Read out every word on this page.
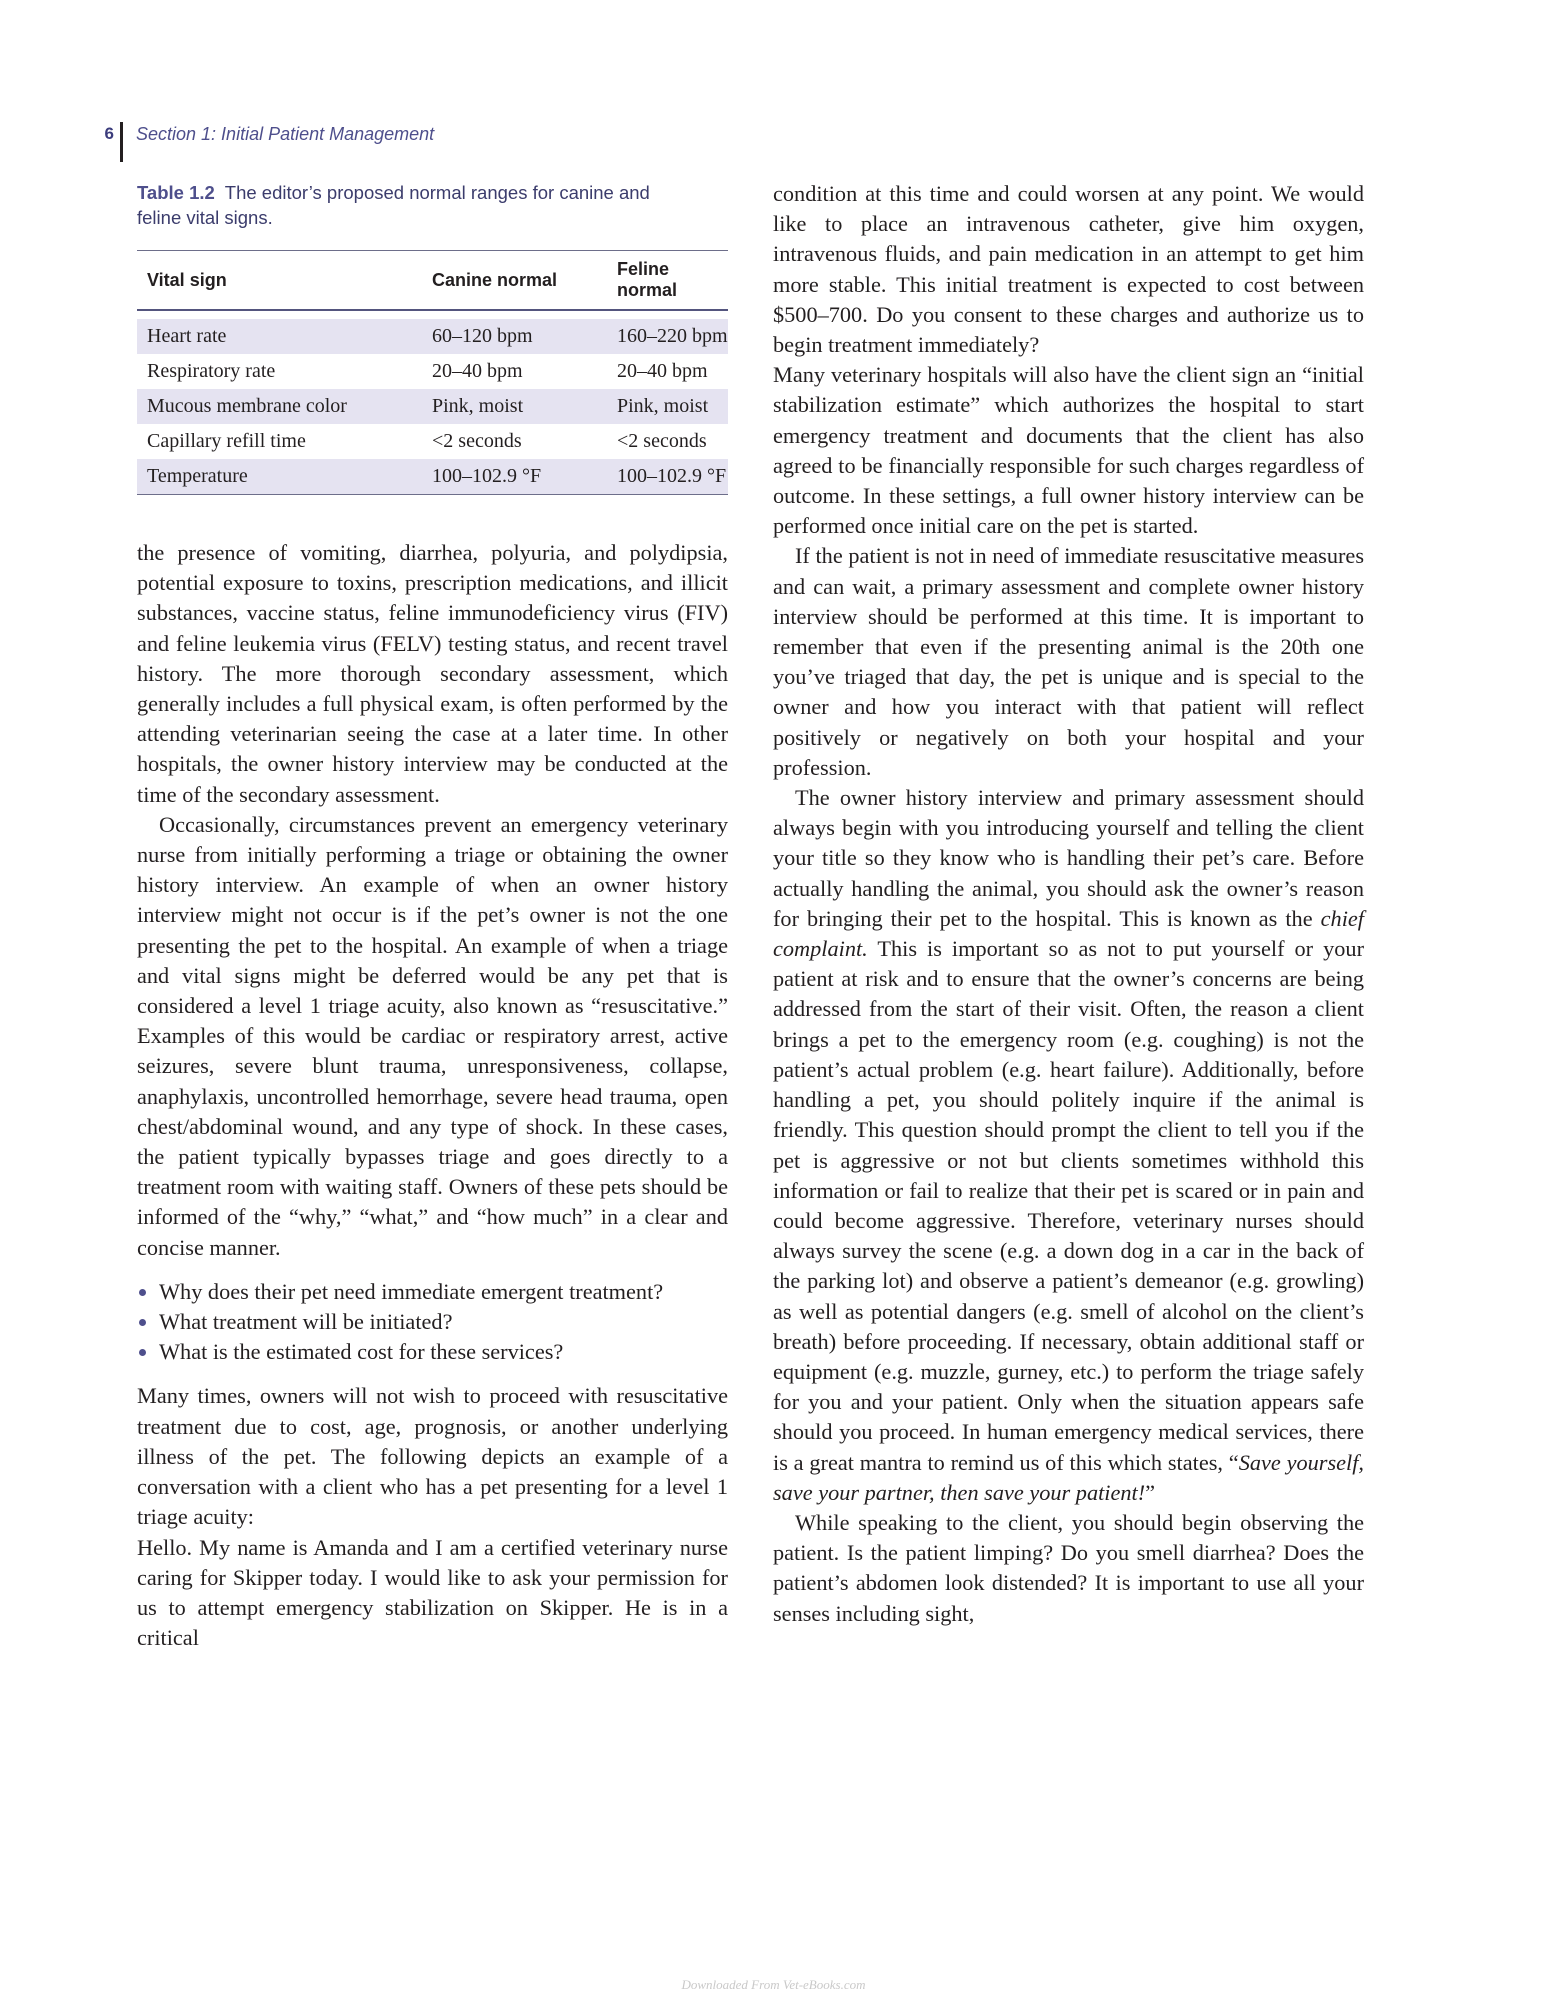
6 Section 1: Initial Patient Management
Table 1.2 The editor’s proposed normal ranges for canine and feline vital signs.
Vital sign	Canine normal	Feline normal

Heart rate	60–120 bpm	160–220 bpm
Respiratory rate	20–40 bpm	20–40 bpm
Mucous membrane color	Pink, moist	Pink, moist
Capillary refill time	<2 seconds	<2 seconds
Temperature	100–102.9 °F	100–102.9 °F

the presence of vomiting, diarrhea, polyuria, and polydipsia, potential exposure to toxins, prescription medications, and illicit substances, vaccine status, feline immunodeficiency virus (FIV) and feline leukemia virus (FELV) testing status, and recent travel history. The more thorough secondary assessment, which generally includes a full physical exam, is often performed by the attending veterinarian seeing the case at a later time. In other hospitals, the owner history interview may be conducted at the time of the secondary assessment.

Occasionally, circumstances prevent an emergency veterinary nurse from initially performing a triage or obtaining the owner history interview. An example of when an owner history interview might not occur is if the pet’s owner is not the one presenting the pet to the hospital. An example of when a triage and vital signs might be deferred would be any pet that is considered a level 1 triage acuity, also known as “resuscitative.” Examples of this would be cardiac or respiratory arrest, active seizures, severe blunt trauma, unresponsiveness, collapse, anaphylaxis, uncontrolled hemorrhage, severe head trauma, open chest/abdominal wound, and any type of shock. In these cases, the patient typically bypasses triage and goes directly to a treatment room with waiting staff. Owners of these pets should be informed of the “why,” “what,” and “how much” in a clear and concise manner.

Why does their pet need immediate emergent treatment?
What treatment will be initiated?
What is the estimated cost for these services?

Many times, owners will not wish to proceed with resuscitative treatment due to cost, age, prognosis, or another underlying illness of the pet. The following depicts an example of a conversation with a client who has a pet presenting for a level 1 triage acuity:

Hello. My name is Amanda and I am a certified veterinary nurse caring for Skipper today. I would like to ask your permission for us to attempt emergency stabilization on Skipper. He is in a critical

condition at this time and could worsen at any point. We would like to place an intravenous catheter, give him oxygen, intravenous fluids, and pain medication in an attempt to get him more stable. This initial treatment is expected to cost between $500–700. Do you consent to these charges and authorize us to begin treatment immediately?

Many veterinary hospitals will also have the client sign an “initial stabilization estimate” which authorizes the hospital to start emergency treatment and documents that the client has also agreed to be financially responsible for such charges regardless of outcome. In these settings, a full owner history interview can be performed once initial care on the pet is started.

If the patient is not in need of immediate resuscitative measures and can wait, a primary assessment and complete owner history interview should be performed at this time. It is important to remember that even if the presenting animal is the 20th one you’ve triaged that day, the pet is unique and is special to the owner and how you interact with that patient will reflect positively or negatively on both your hospital and your profession.

The owner history interview and primary assessment should always begin with you introducing yourself and telling the client your title so they know who is handling their pet’s care. Before actually handling the animal, you should ask the owner’s reason for bringing their pet to the hospital. This is known as the chief complaint. This is important so as not to put yourself or your patient at risk and to ensure that the owner’s concerns are being addressed from the start of their visit. Often, the reason a client brings a pet to the emergency room (e.g. coughing) is not the patient’s actual problem (e.g. heart failure). Additionally, before handling a pet, you should politely inquire if the animal is friendly. This question should prompt the client to tell you if the pet is aggressive or not but clients sometimes withhold this information or fail to realize that their pet is scared or in pain and could become aggressive. Therefore, veterinary nurses should always survey the scene (e.g. a down dog in a car in the back of the parking lot) and observe a patient’s demeanor (e.g. growling) as well as potential dangers (e.g. smell of alcohol on the client’s breath) before proceeding. If necessary, obtain additional staff or equipment (e.g. muzzle, gurney, etc.) to perform the triage safely for you and your patient. Only when the situation appears safe should you proceed. In human emergency medical services, there is a great mantra to remind us of this which states, “Save yourself, save your partner, then save your patient!”

While speaking to the client, you should begin observing the patient. Is the patient limping? Do you smell diarrhea? Does the patient’s abdomen look distended? It is important to use all your senses including sight,

Downloaded From Vet-eBooks.com
